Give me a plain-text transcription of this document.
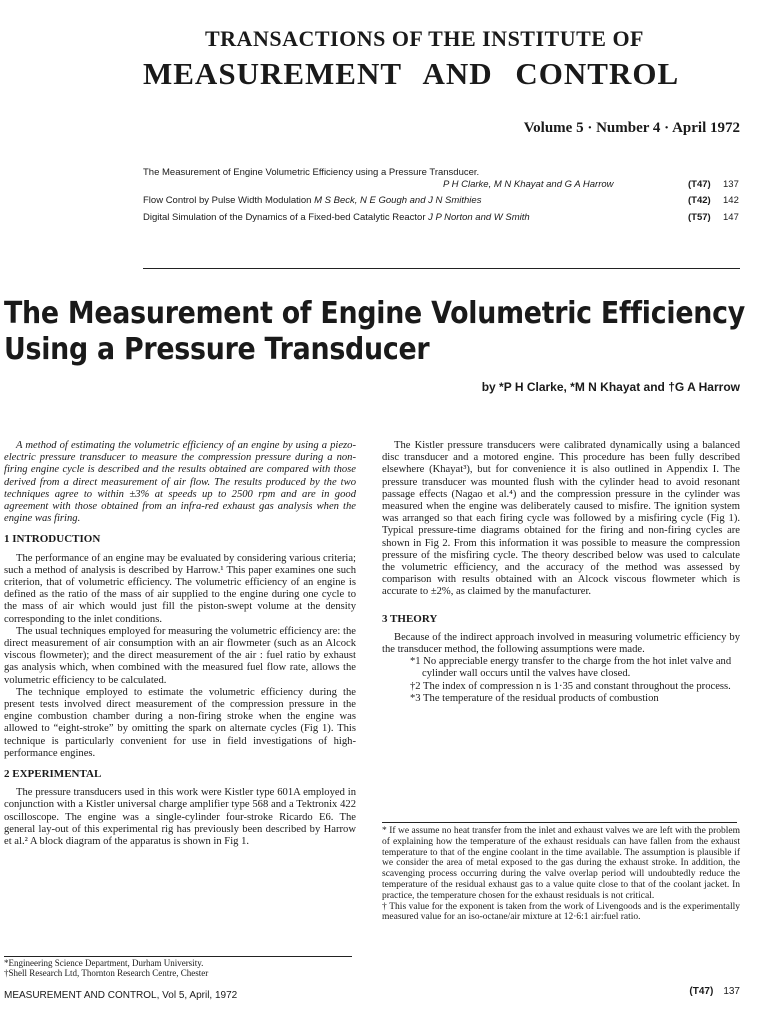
TRANSACTIONS OF THE INSTITUTE OF
MEASUREMENT AND CONTROL
Volume 5 · Number 4 · April 1972
The Measurement of Engine Volumetric Efficiency using a Pressure Transducer.
P H Clarke, M N Khayat and G A Harrow	(T47) 137
Flow Control by Pulse Width Modulation M S Beck, N E Gough and J N Smithies	(T42) 142
Digital Simulation of the Dynamics of a Fixed-bed Catalytic Reactor J P Norton and W Smith	(T57) 147
The Measurement of Engine Volumetric Efficiency
Using a Pressure Transducer
by *P H Clarke, *M N Khayat and †G A Harrow

A method of estimating the volumetric efficiency of an engine by using a piezo-electric pressure transducer to measure the compression pressure during a non-firing engine cycle is described and the results obtained are compared with those derived from a direct measurement of air flow. The results produced by the two techniques agree to within ±3% at speeds up to 2500 rpm and are in good agreement with those obtained from an infra-red exhaust gas analysis when the engine was firing.

1 INTRODUCTION

The performance of an engine may be evaluated by considering various criteria; such a method of analysis is described by Harrow.¹ This paper examines one such criterion, that of volumetric efficiency. The volumetric efficiency of an engine is defined as the ratio of the mass of air supplied to the engine during one cycle to the mass of air which would just fill the piston-swept volume at the density corresponding to the inlet conditions.

The usual techniques employed for measuring the volumetric efficiency are: the direct measurement of air consumption with an air flowmeter (such as an Alcock viscous flowmeter); and the direct measurement of the air : fuel ratio by exhaust gas analysis which, when combined with the measured fuel flow rate, allows the volumetric efficiency to be calculated.

The technique employed to estimate the volumetric efficiency during the present tests involved direct measurement of the compression pressure in the engine combustion chamber during a non-firing stroke when the engine was allowed to “eight-stroke” by omitting the spark on alternate cycles (Fig 1). This technique is particularly convenient for use in field investigations of high-performance engines.

2 EXPERIMENTAL

The pressure transducers used in this work were Kistler type 601A employed in conjunction with a Kistler universal charge amplifier type 568 and a Tektronix 422 oscilloscope. The engine was a single-cylinder four-stroke Ricardo E6. The general lay-out of this experimental rig has previously been described by Harrow et al.² A block diagram of the apparatus is shown in Fig 1.

*Engineering Science Department, Durham University.
†Shell Research Ltd, Thornton Research Centre, Chester

The Kistler pressure transducers were calibrated dynamically using a balanced disc transducer and a motored engine. This procedure has been fully described elsewhere (Khayat³), but for convenience it is also outlined in Appendix I. The pressure transducer was mounted flush with the cylinder head to avoid resonant passage effects (Nagao et al.⁴) and the compression pressure in the cylinder was measured when the engine was deliberately caused to misfire. The ignition system was arranged so that each firing cycle was followed by a misfiring cycle (Fig 1). Typical pressure-time diagrams obtained for the firing and non-firing cycles are shown in Fig 2. From this information it was possible to measure the compression pressure of the misfiring cycle. The theory described below was used to calculate the volumetric efficiency, and the accuracy of the method was assessed by comparison with results obtained with an Alcock viscous flowmeter which is accurate to ±2%, as claimed by the manufacturer.

3 THEORY

Because of the indirect approach involved in measuring volumetric efficiency by the transducer method, the following assumptions were made.

*1 No appreciable energy transfer to the charge from the hot inlet valve and cylinder wall occurs until the valves have closed.

†2 The index of compression n is 1·35 and constant throughout the process.

*3 The temperature of the residual products of combustion

* If we assume no heat transfer from the inlet and exhaust valves we are left with the problem of explaining how the temperature of the exhaust residuals can have fallen from the exhaust temperature to that of the engine coolant in the time available. The assumption is plausible if we consider the area of metal exposed to the gas during the exhaust stroke. In addition, the scavenging process occurring during the valve overlap period will undoubtedly reduce the temperature of the residual exhaust gas to a value quite close to that of the coolant jacket. In practice, the temperature chosen for the exhaust residuals is not critical.

† This value for the exponent is taken from the work of Livengoods and is the experimentally measured value for an iso-octane/air mixture at 12·6:1 air:fuel ratio.

MEASUREMENT AND CONTROL, Vol 5, April, 1972	(T47) 137
